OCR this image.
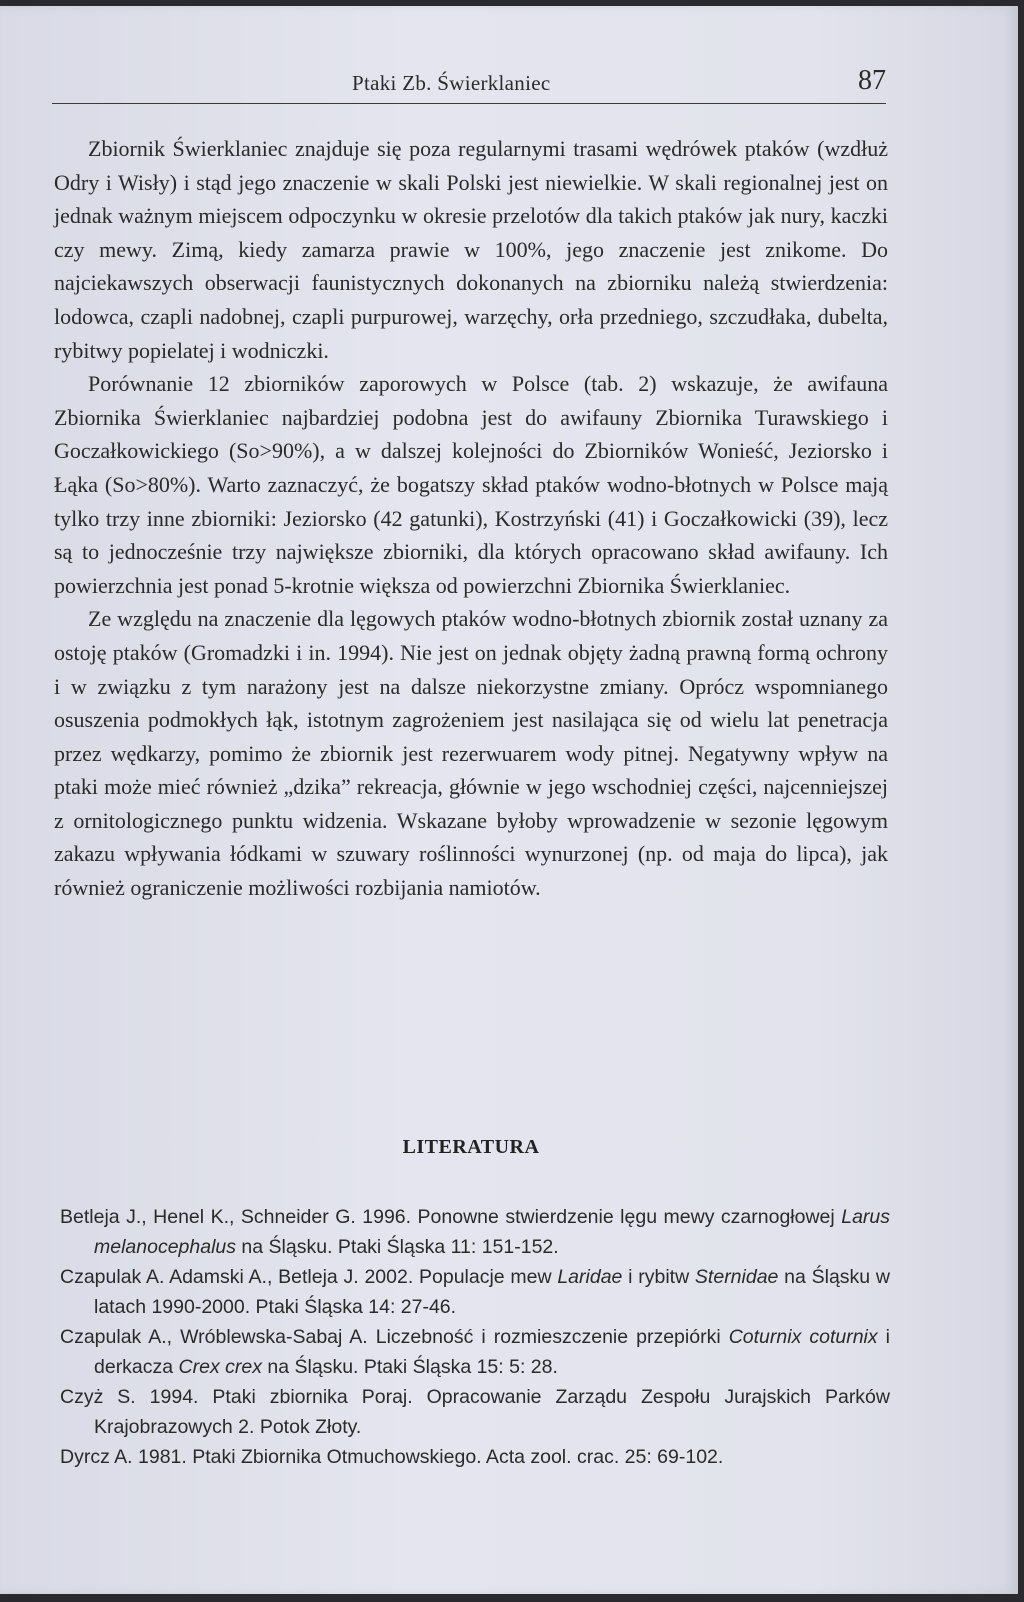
Ptaki Zb. Świerklaniec	87

Zbiornik Świerklaniec znajduje się poza regularnymi trasami wędrówek ptaków (wzdłuż Odry i Wisły) i stąd jego znaczenie w skali Polski jest niewielkie. W skali regionalnej jest on jednak ważnym miejscem odpoczynku w okresie przelotów dla takich ptaków jak nury, kaczki czy mewy. Zimą, kiedy zamarza prawie w 100%, jego znaczenie jest znikome. Do najciekawszych obserwacji faunistycznych dokonanych na zbiorniku należą stwierdzenia: lodowca, czapli nadobnej, czapli purpurowej, warzęchy, orła przedniego, szczudłaka, dubelta, rybitwy popielatej i wodniczki.

Porównanie 12 zbiorników zaporowych w Polsce (tab. 2) wskazuje, że awifauna Zbiornika Świerklaniec najbardziej podobna jest do awifauny Zbiornika Turawskiego i Goczałkowickiego (So>90%), a w dalszej kolejności do Zbiorników Wonieść, Jeziorsko i Łąka (So>80%). Warto zaznaczyć, że bogatszy skład ptaków wodno-błotnych w Polsce mają tylko trzy inne zbiorniki: Jeziorsko (42 gatunki), Kostrzyński (41) i Goczałkowicki (39), lecz są to jednocześnie trzy największe zbiorniki, dla których opracowano skład awifauny. Ich powierzchnia jest ponad 5-krotnie większa od powierzchni Zbiornika Świerklaniec.

Ze względu na znaczenie dla lęgowych ptaków wodno-błotnych zbiornik został uznany za ostoję ptaków (Gromadzki i in. 1994). Nie jest on jednak objęty żadną prawną formą ochrony i w związku z tym narażony jest na dalsze niekorzystne zmiany. Oprócz wspomnianego osuszenia podmokłych łąk, istotnym zagrożeniem jest nasilająca się od wielu lat penetracja przez wędkarzy, pomimo że zbiornik jest rezerwuarem wody pitnej. Negatywny wpływ na ptaki może mieć również „dzika” rekreacja, głównie w jego wschodniej części, najcenniejszej z ornitologicznego punktu widzenia. Wskazane byłoby wprowadzenie w sezonie lęgowym zakazu wpływania łódkami w szuwary roślinności wynurzonej (np. od maja do lipca), jak również ograniczenie możliwości rozbijania namiotów.

LITERATURA

Betleja J., Henel K., Schneider G. 1996. Ponowne stwierdzenie lęgu mewy czarnogłowej Larus melanocephalus na Śląsku. Ptaki Śląska 11: 151-152.

Czapulak A. Adamski A., Betleja J. 2002. Populacje mew Laridae i rybitw Sternidae na Śląsku w latach 1990-2000. Ptaki Śląska 14: 27-46.

Czapulak A., Wróblewska-Sabaj A. Liczebność i rozmieszczenie przepiórki Coturnix coturnix i derkacza Crex crex na Śląsku. Ptaki Śląska 15: 5: 28.

Czyż S. 1994. Ptaki zbiornika Poraj. Opracowanie Zarządu Zespołu Jurajskich Parków Krajobrazowych 2. Potok Złoty.

Dyrcz A. 1981. Ptaki Zbiornika Otmuchowskiego. Acta zool. crac. 25: 69-102.
